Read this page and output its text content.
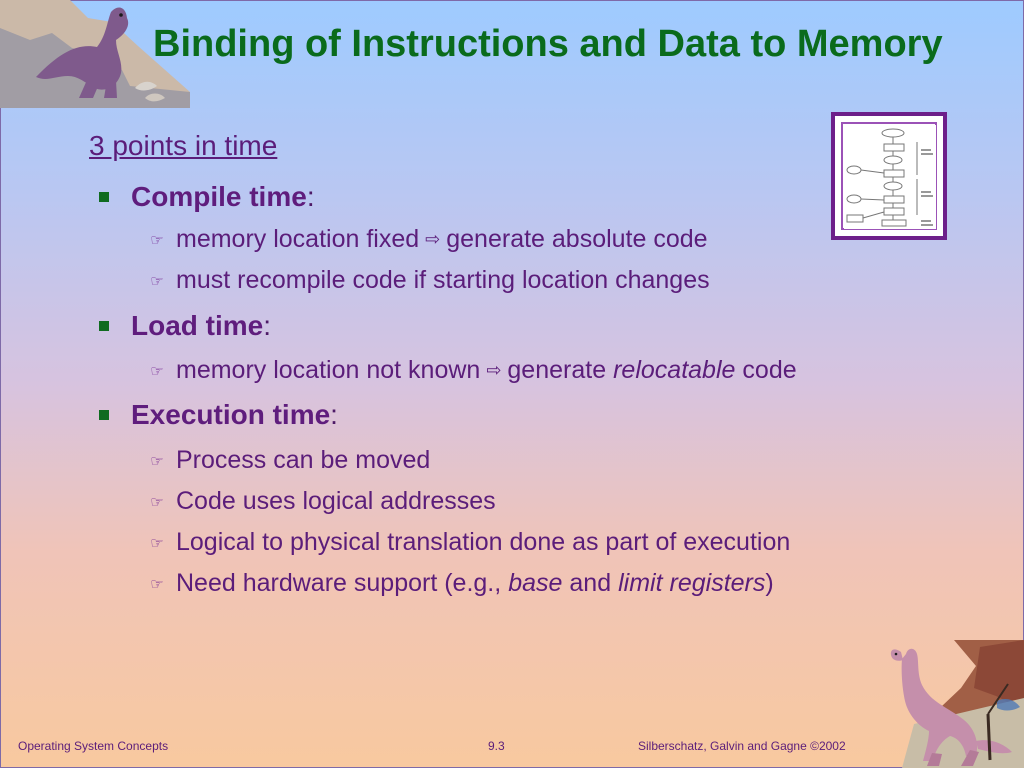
Binding of Instructions and Data to Memory
3 points in time
Compile time :
☞ memory location fixed ⇨ generate absolute code
☞ must recompile code if starting location changes
Load time :
☞ memory location not known ⇨ generate relocatable code
Execution time :
☞ Process can be moved
☞ Code uses logical addresses
☞ Logical to physical translation done as part of execution
☞ Need hardware support (e.g., base and limit registers )
Operating System Concepts	9.3	Silberschatz, Galvin and Gagne ©2002
